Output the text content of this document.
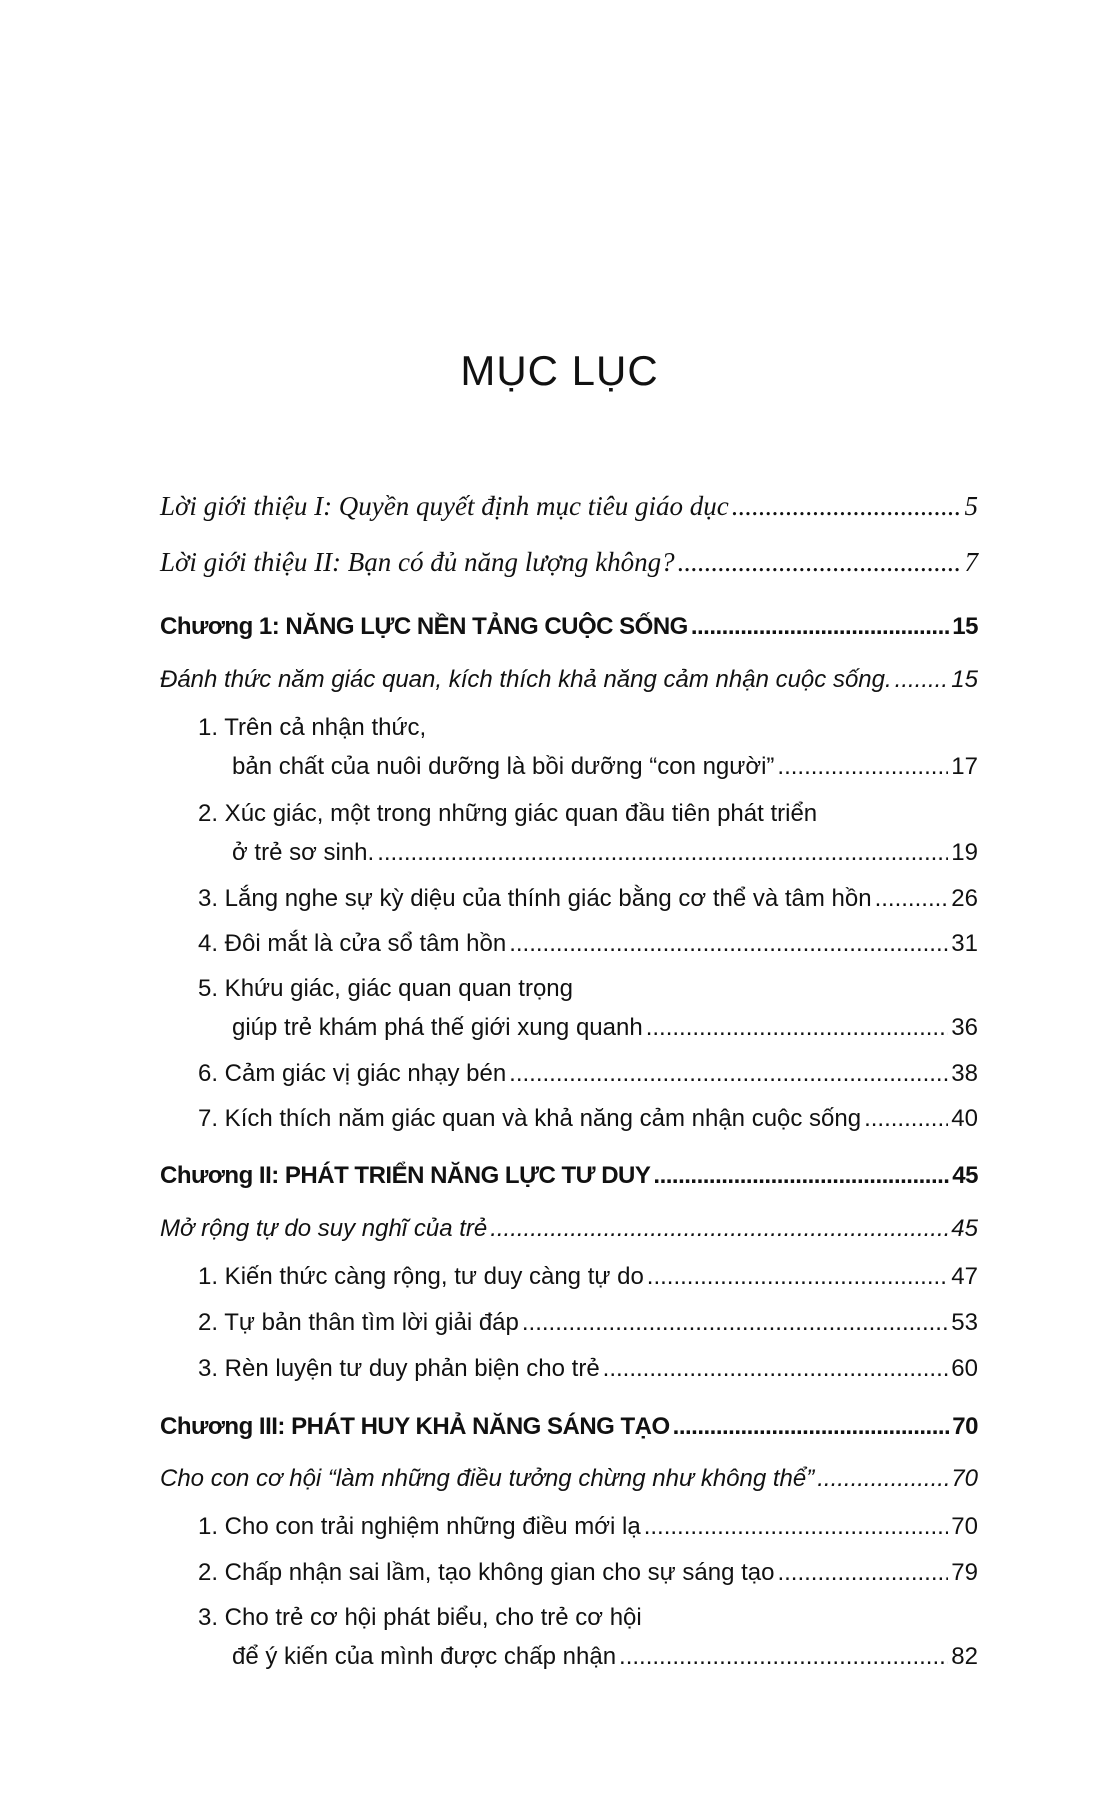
MỤC LỤC
Lời giới thiệu I: Quyền quyết định mục tiêu giáo dục .....	5
Lời giới thiệu II: Bạn có đủ năng lượng không? .....	7
Chương 1: NĂNG LỰC NỀN TẢNG CUỘC SỐNG .....	15
Đánh thức năm giác quan, kích thích khả năng cảm nhận cuộc sống. ..... 15
1. Trên cả nhận thức,
bản chất của nuôi dưỡng là bồi dưỡng “con người” .....	17
2. Xúc giác, một trong những giác quan đầu tiên phát triển
ở trẻ sơ sinh. .....	19
3. Lắng nghe sự kỳ diệu của thính giác bằng cơ thể và tâm hồn .....	26
4. Đôi mắt là cửa sổ tâm hồn .....	31
5. Khứu giác, giác quan quan trọng
giúp trẻ khám phá thế giới xung quanh .....	36
6. Cảm giác vị giác nhạy bén .....	38
7. Kích thích năm giác quan và khả năng cảm nhận cuộc sống .....	40
Chương II: PHÁT TRIỂN NĂNG LỰC TƯ DUY .....	45
Mở rộng tự do suy nghĩ của trẻ .....	45
1. Kiến thức càng rộng, tư duy càng tự do .....	47
2. Tự bản thân tìm lời giải đáp .....	53
3. Rèn luyện tư duy phản biện cho trẻ .....	60
Chương III: PHÁT HUY KHẢ NĂNG SÁNG TẠO .....	70
Cho con cơ hội “làm những điều tưởng chừng như không thể” .....	70
1. Cho con trải nghiệm những điều mới lạ .....	70
2. Chấp nhận sai lầm, tạo không gian cho sự sáng tạo .....	79
3. Cho trẻ cơ hội phát biểu, cho trẻ cơ hội
để ý kiến của mình được chấp nhận .....	82
